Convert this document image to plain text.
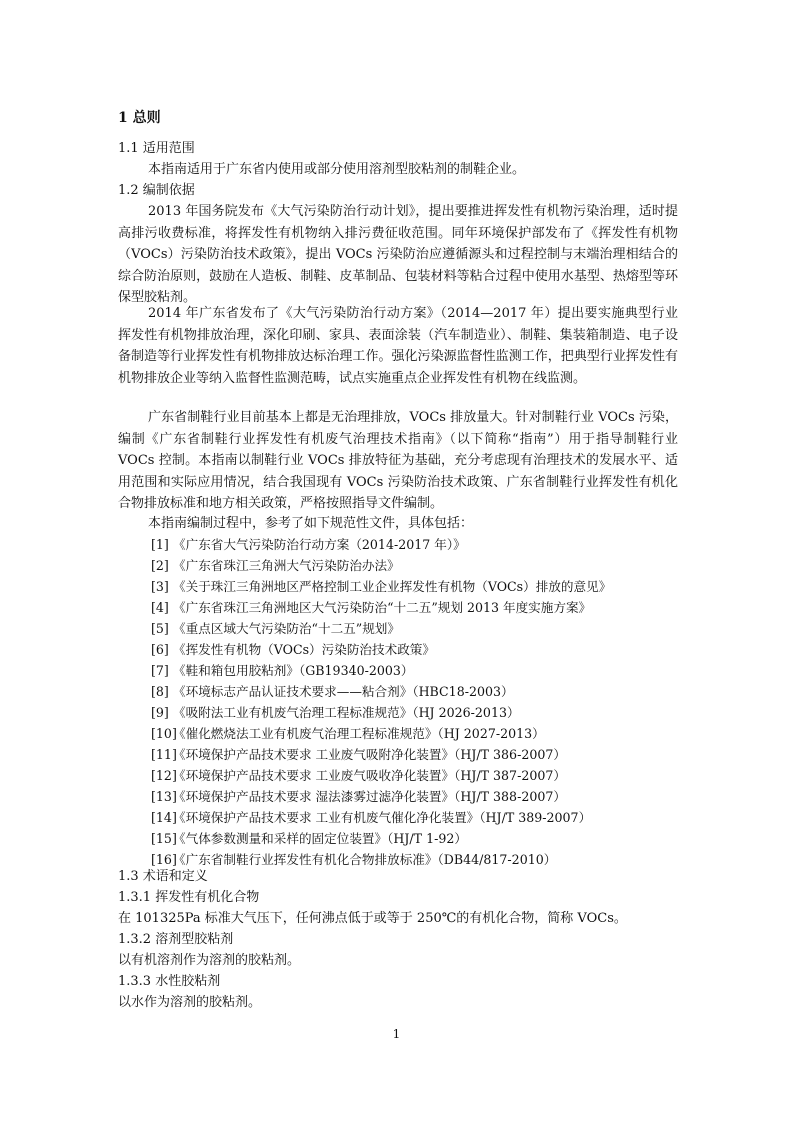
1 总则
1.1 适用范围

本指南适用于广东省内使用或部分使用溶剂型胶粘剂的制鞋企业。

1.2 编制依据

2013 年国务院发布《大气污染防治行动计划》，提出要推进挥发性有机物污染治理，适时提高排污收费标准，将挥发性有机物纳入排污费征收范围。同年环境保护部发布了《挥发性有机物（VOCs）污染防治技术政策》，提出 VOCs 污染防治应遵循源头和过程控制与末端治理相结合的综合防治原则，鼓励在人造板、制鞋、皮革制品、包装材料等粘合过程中使用水基型、热熔型等环保型胶粘剂。

2014 年广东省发布了《大气污染防治行动方案》（2014—2017 年）提出要实施典型行业挥发性有机物排放治理，深化印刷、家具、表面涂装（汽车制造业）、制鞋、集装箱制造、电子设备制造等行业挥发性有机物排放达标治理工作。强化污染源监督性监测工作，把典型行业挥发性有机物排放企业等纳入监督性监测范畴，试点实施重点企业挥发性有机物在线监测。

广东省制鞋行业目前基本上都是无治理排放，VOCs 排放量大。针对制鞋行业 VOCs 污染，编制《广东省制鞋行业挥发性有机废气治理技术指南》（以下简称“指南”）用于指导制鞋行业 VOCs 控制。本指南以制鞋行业 VOCs 排放特征为基础，充分考虑现有治理技术的发展水平、适用范围和实际应用情况，结合我国现有 VOCs 污染防治技术政策、广东省制鞋行业挥发性有机化合物排放标准和地方相关政策，严格按照指导文件编制。

本指南编制过程中，参考了如下规范性文件，具体包括：

[1] 《广东省大气污染防治行动方案（2014-2017 年）》
[2] 《广东省珠江三角洲大气污染防治办法》
[3] 《关于珠江三角洲地区严格控制工业企业挥发性有机物（VOCs）排放的意见》
[4] 《广东省珠江三角洲地区大气污染防治“十二五”规划 2013 年度实施方案》
[5] 《重点区域大气污染防治“十二五”规划》
[6] 《挥发性有机物（VOCs）污染防治技术政策》
[7] 《鞋和箱包用胶粘剂》（GB19340-2003）
[8] 《环境标志产品认证技术要求——粘合剂》（HBC18-2003）
[9] 《吸附法工业有机废气治理工程标准规范》（HJ 2026-2013）
[10]《催化燃烧法工业有机废气治理工程标准规范》（HJ 2027-2013）
[11]《环境保护产品技术要求 工业废气吸附净化装置》（HJ/T 386-2007）
[12]《环境保护产品技术要求 工业废气吸收净化装置》（HJ/T 387-2007）
[13]《环境保护产品技术要求 湿法漆雾过滤净化装置》（HJ/T 388-2007）
[14]《环境保护产品技术要求 工业有机废气催化净化装置》（HJ/T 389-2007）
[15]《气体参数测量和采样的固定位装置》（HJ/T 1-92）
[16]《广东省制鞋行业挥发性有机化合物排放标准》（DB44/817-2010）
1.3 术语和定义
1.3.1 挥发性有机化合物
在 101325Pa 标准大气压下，任何沸点低于或等于 250℃的有机化合物，简称 VOCs。
1.3.2 溶剂型胶粘剂
以有机溶剂作为溶剂的胶粘剂。
1.3.3 水性胶粘剂
以水作为溶剂的胶粘剂。
1
